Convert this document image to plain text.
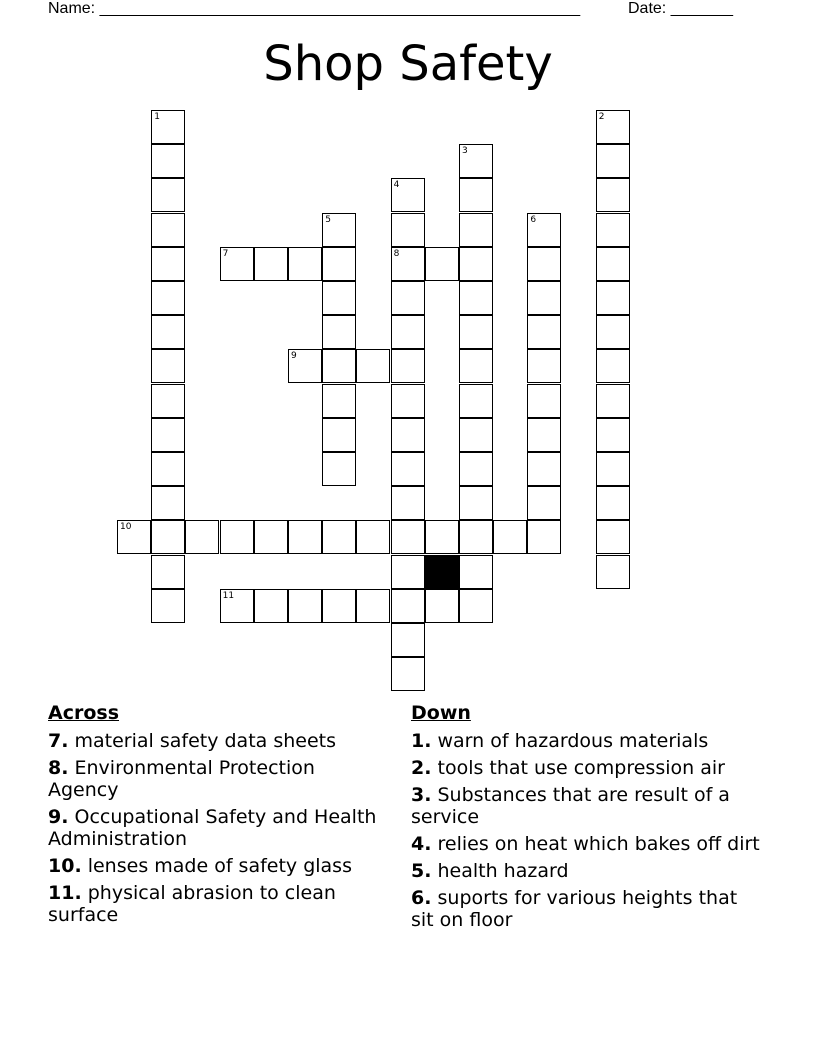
Name: ______________________________________________________	Date: _______
Shop Safety
1	2
3
4
8
5	6
7
9
10
11
Across
7. material safety data sheets
8. Environmental Protection Agency
9. Occupational Safety and Health Administration
10. lenses made of safety glass
11. physical abrasion to clean surface
Down
1. warn of hazardous materials
2. tools that use compression air
3. Substances that are result of a service
4. relies on heat which bakes off dirt
5. health hazard
6. suports for various heights that sit on floor
